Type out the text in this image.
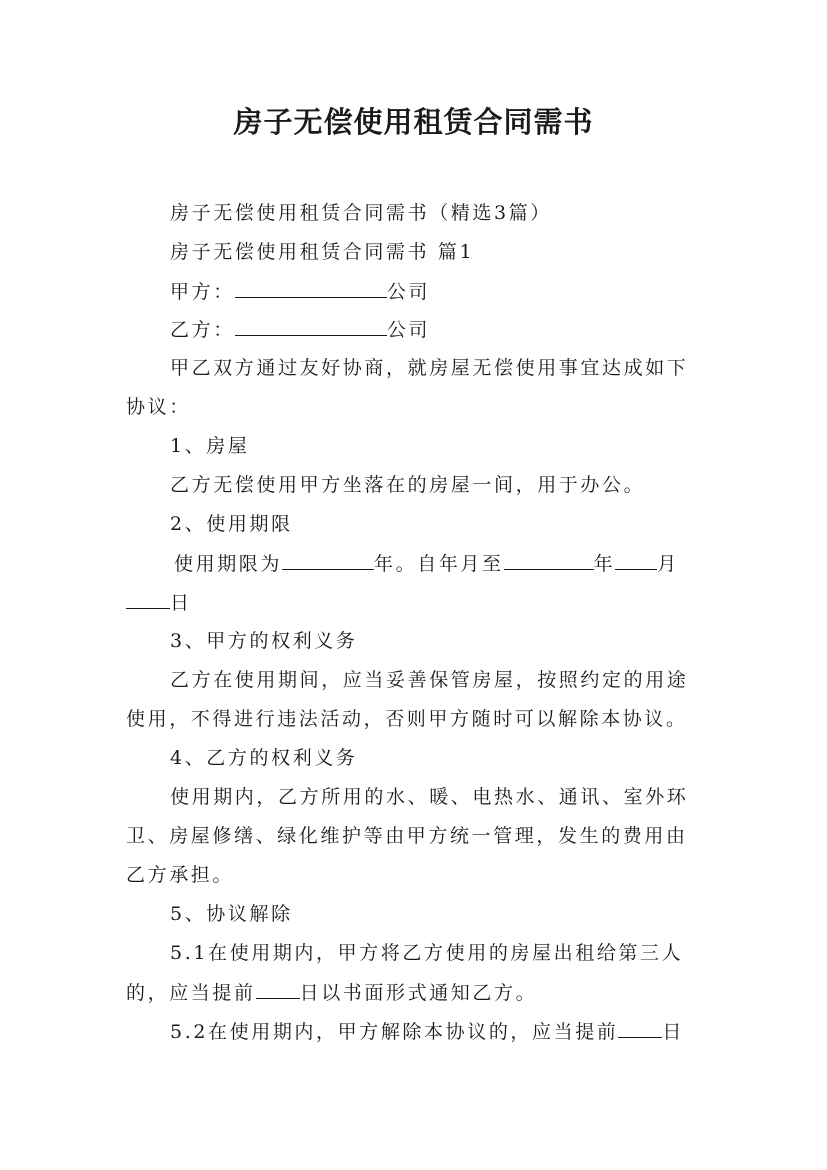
房子无偿使用租赁合同需书
房子无偿使用租赁合同需书（精选3篇）
房子无偿使用租赁合同需书 篇1
甲方：	公司
乙方：	公司
甲乙双方通过友好协商，就房屋无偿使用事宜达成如下
协议：
1、房屋
乙方无偿使用甲方坐落在的房屋一间，用于办公。
2、使用期限
使用期限为	年。自年月至	年 月
日
3、甲方的权利义务
乙方在使用期间，应当妥善保管房屋，按照约定的用途
使用，不得进行违法活动，否则甲方随时可以解除本协议。
4、乙方的权利义务
使用期内，乙方所用的水、暖、电热水、通讯、室外环
卫、房屋修缮、绿化维护等由甲方统一管理，发生的费用由
乙方承担。
5、协议解除
5.1在使用期内，甲方将乙方使用的房屋出租给第三人
的，应当提前 日以书面形式通知乙方。
5.2在使用期内，甲方解除本协议的，应当提前 日
